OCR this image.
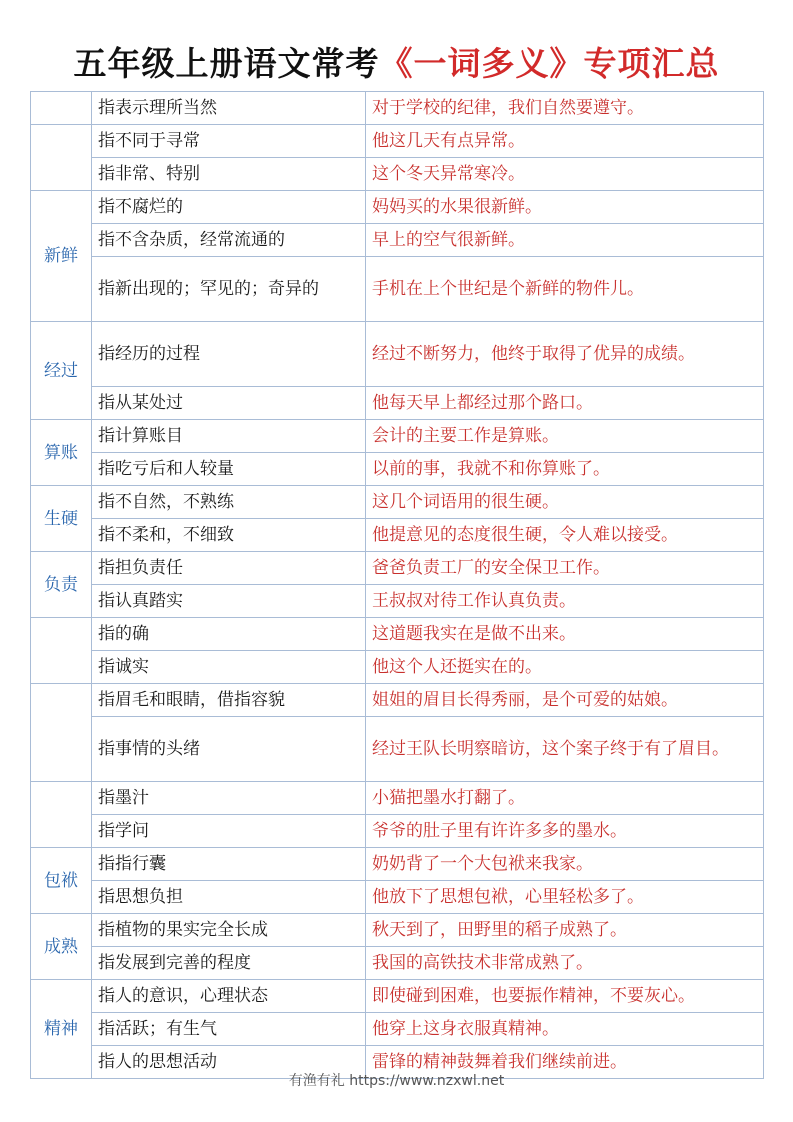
五年级上册语文常考《一词多义》专项汇总
	指表示理所当然	对于学校的纪律，我们自然要遵守。
	指不同于寻常	他这几天有点异常。
	指非常、特别	这个冬天异常寒冷。
新鲜	指不腐烂的	妈妈买的水果很新鲜。
	指不含杂质，经常流通的	早上的空气很新鲜。
	指新出现的；罕见的；奇异的	手机在上个世纪是个新鲜的物件儿。
经过	指经历的过程	经过不断努力，他终于取得了优异的成绩。
	指从某处过	他每天早上都经过那个路口。
算账	指计算账目	会计的主要工作是算账。
	指吃亏后和人较量	以前的事，我就不和你算账了。
生硬	指不自然，不熟练	这几个词语用的很生硬。
	指不柔和，不细致	他提意见的态度很生硬，令人难以接受。
负责	指担负责任	爸爸负责工厂的安全保卫工作。
	指认真踏实	王叔叔对待工作认真负责。
	指的确	这道题我实在是做不出来。
	指诚实	他这个人还挺实在的。
	指眉毛和眼睛，借指容貌	姐姐的眉目长得秀丽，是个可爱的姑娘。
	指事情的头绪	经过王队长明察暗访，这个案子终于有了眉目。
	指墨汁	小猫把墨水打翻了。
	指学问	爷爷的肚子里有许许多多的墨水。
包袱	指指行囊	奶奶背了一个大包袱来我家。
	指思想负担	他放下了思想包袱，心里轻松多了。
成熟	指植物的果实完全长成	秋天到了，田野里的稻子成熟了。
	指发展到完善的程度	我国的高铁技术非常成熟了。
精神	指人的意识，心理状态	即使碰到困难，也要振作精神，不要灰心。
	指活跃；有生气	他穿上这身衣服真精神。
	指人的思想活动	雷锋的精神鼓舞着我们继续前进。
有渔有礼 https://www.nzxwl.net
